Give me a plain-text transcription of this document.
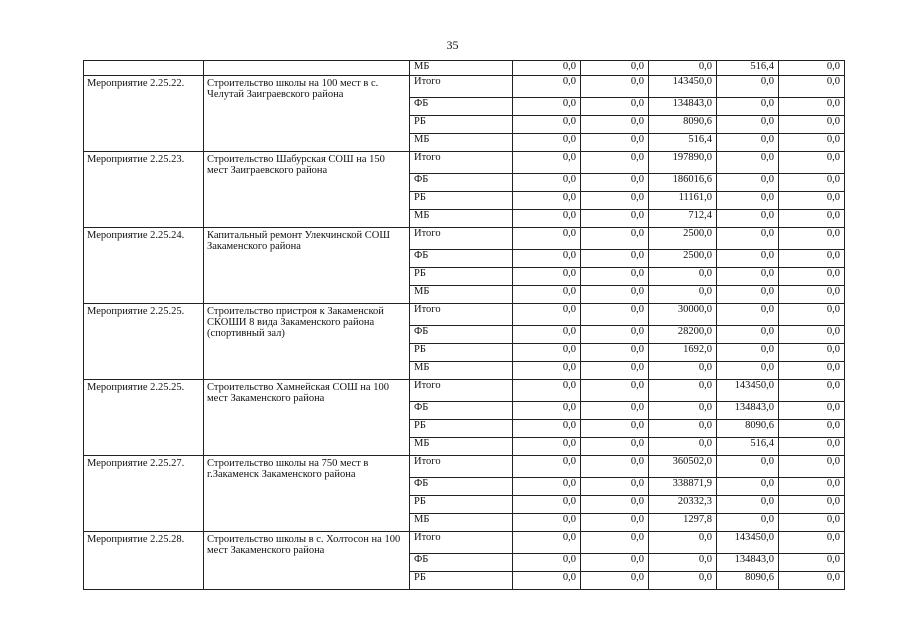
35
		МБ	0,0	0,0	0,0	516,4	0,0
Мероприятие 2.25.22.	Строительство школы на 100 мест в с. Челутай Заиграевского района	Итого	0,0	0,0	143450,0	0,0	0,0
		ФБ	0,0	0,0	134843,0	0,0	0,0
		РБ	0,0	0,0	8090,6	0,0	0,0
		МБ	0,0	0,0	516,4	0,0	0,0
Мероприятие 2.25.23.	Строительство Шабурская СОШ на 150 мест Заиграевского района	Итого	0,0	0,0	197890,0	0,0	0,0
		ФБ	0,0	0,0	186016,6	0,0	0,0
		РБ	0,0	0,0	11161,0	0,0	0,0
		МБ	0,0	0,0	712,4	0,0	0,0
Мероприятие 2.25.24.	Капитальный ремонт Улекчинской СОШ Закаменского района	Итого	0,0	0,0	2500,0	0,0	0,0
		ФБ	0,0	0,0	2500,0	0,0	0,0
		РБ	0,0	0,0	0,0	0,0	0,0
		МБ	0,0	0,0	0,0	0,0	0,0
Мероприятие 2.25.25.	Строительство пристроя к Закаменской СКОШИ 8 вида Закаменского района (спортивный зал)	Итого	0,0	0,0	30000,0	0,0	0,0
		ФБ	0,0	0,0	28200,0	0,0	0,0
		РБ	0,0	0,0	1692,0	0,0	0,0
		МБ	0,0	0,0	0,0	0,0	0,0
Мероприятие 2.25.25.	Строительство Хамнейская СОШ на 100 мест Закаменского района	Итого	0,0	0,0	0,0	143450,0	0,0
		ФБ	0,0	0,0	0,0	134843,0	0,0
		РБ	0,0	0,0	0,0	8090,6	0,0
		МБ	0,0	0,0	0,0	516,4	0,0
Мероприятие 2.25.27.	Строительство школы на 750 мест в г.Закаменск Закаменского района	Итого	0,0	0,0	360502,0	0,0	0,0
		ФБ	0,0	0,0	338871,9	0,0	0,0
		РБ	0,0	0,0	20332,3	0,0	0,0
		МБ	0,0	0,0	1297,8	0,0	0,0
Мероприятие 2.25.28.	Строительство школы в с. Холтосон на 100 мест Закаменского района	Итого	0,0	0,0	0,0	143450,0	0,0
		ФБ	0,0	0,0	0,0	134843,0	0,0
		РБ	0,0	0,0	0,0	8090,6	0,0
